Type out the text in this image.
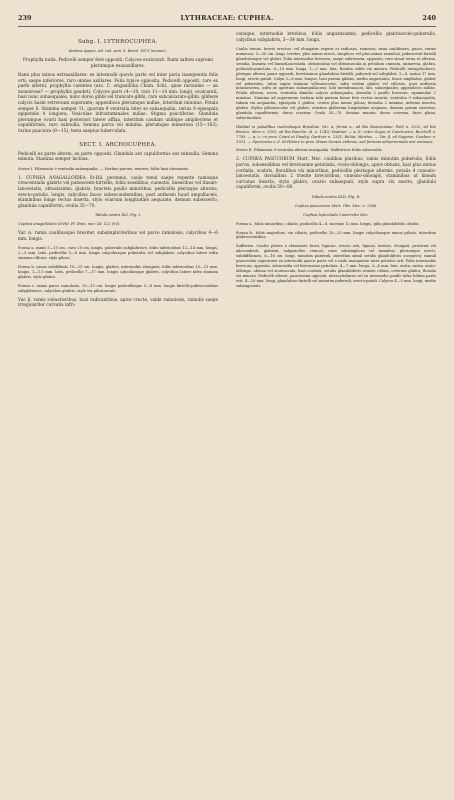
239	LYTHRACEAE: CUPHEA.	240
Subg. I. LYTHROCUPHEA.

Koehne Appen. ult. ind. sem. h. Berol. 1873 (nomen).

Prophylla nulla. Pedicelli semper fere oppositi. Calyces ecalcarati. Rami saltem supremi plerumque exaxaxillares.

Rami plus minus extraaxillares: ex internodii quovis parte vel inter paria inaequentis folis orti; saepe inferiores, raro omnes axillares. Folia typice opposita. Pedicelli oppositi, raro ex parte alterni, prophyllis carentes (exc. C. origanifolia Cham. Schl., quae rarissime — an monstrose? — prophyllis gaudet). Calyces parvi (4—10, raro 11—14 mm. longi), ecalcarati, basi nunc subaequales, nunc dorso gibbi vel truncato-gibbi, raro subcalcarato-gibbi, gibbere calycis basin retrorsum superante; appendices plerumque nullae, interdum minutae. Petala semper 6. Stamina semper 11, quorum 9 ventralia inter se subaequalia, rarius 9 episepala epipetalis 4 longiora. Vesiculae infrastaminales nullae. Stigma pauciflorae. Glandula plerumque ovarii basi posteriori latere affixa, interdum caudam undique ampliectens et capuliformis, raro subnulla. Semina parva vel minima, plerumque numerosa (15—163), rarius pauciora (8—15), testa saepius tuberculata.

SECT. I. ARCHOCUPHEA.

Pedicelli ex parte alterni, ex parte oppositi. Glandula aut capuliformis aut subnulla. Semina minuta. Stamina semper inclusa.

Series I. Filamenta 9 ventralia subaequalia. — Herbae parvae, teneres, foliis basi attenuatis.

1. CUPHEA ANAGALLOIDEA St-Hil. perennis, caule tenui saepe repente ramisque crescentialis glabris vel pubescenti-hirtellis, foliis sessilibus, cuneatis, linearibus vel lineari-lanceolatis, obtusissimis, glabris; bracteis paullo minoribus, pedicellis plerisque alternis, erecto-patulis, longis, calycibus fauce subsecundentibus, post anthesin haud ampullaceis, staminibus longe rectus inserta, stylo ovarium longitudine aequante, demum subexserto, glandula capuliformi, ovulis 35—70.

Tabula nostra XLI. Fig. I.

Cuphea anagalloidea St-Hil. Fl. Bras. mer. III. 122 (93).

Var. α. ramis caulibusque breviter, subsimpliciteribus vel parce ramulosis, calycibus 4—6 mm. longis.

Forma a. ramis 5—15 cm., raro 20 cm. longis, puberulis subglabrisve, foliis inferioribus 12—14 mm. longis, 2—3 mm. latis, pedicellis 5—8 mm. longis calycibusque puberulis vel subglabris, calycibus latere infra stamina villosis, stylo piloso.

Forma b. ramis subdiffusis 10—25 cm. longis, glabris, internodiis elongatis, foliis inferioribus 10—13 mm. longis, 1—1.5 mm. latis, pedicellis 7—17 mm. longis calycibusque glabris, calycibus latere infra stamina glabris, stylo glabro.

Forma c. ramis parce ramulosis, 10—15 cm. longis pedicellisque 5—8 mm. longis hirtello-pubescentibus subglabrisve, calycibus glabris, stylo vix pilosiusculo.

Var. β. ramis robustioribus, basi radicantibus, apice crecte, valde ramulosis, ramulis saepe irregulariter curvatis infri-

catisque, internodiis brevibus, foliis angustissimis, pedicellis glabriusculo-puberulis, calycibus subglabris, 3—34 mm. longa.

Caulis tenuis, brevis erectus, vel elongatus repens et radicans, ramosus; rami caulifomes, pauci, rarius numerosi, 5—30 cm. longi, teretes, plus minus erecti, simplices vel plus minus ramulosi, pubescenti-hirtelli glandulosique vel glabri. Folia internodiis breviora, saepe subremota, opposita, raro simul terna et alterna, sessilia, linearia vel linearilanceolata, obtusissima vel obtusiuscula in petiolum cuneata, uninervia, glabra, pellucido-punctata, 6—19 mm. longa, 1—3 mm. lata; floralia valde vix minora. Pedicelli intrapetiolares, plerique alterni, pauci oppositi, brevitismue glanduloso-hirtelli, puberuli vel subglabri, 3—8, rarius 17 mm. longi, erecto-patuli. Calyx 3—6 mm. longus, basi parum gibbus, medio angustatus, fauce ampliatus, glaber vel puberulus, intus supra stamina villosiusculus, infra sedem glaber vel villosus, post anthesin intumescens, infra ae apertum subampullaceus; lobi membranacei, lati, subaequales; appendices nullae. Petala alterna, rosea, ventralia dimidio calycis subaequalia, dorsalia 2 paullo breviora; squamulae 2 minutae. Stamina ad superiorem tertiam tubi partem binae fere rectus inserta; ventralia 9 subaequalia, tubum vix aequantia, episepala 5 glabra, cetera plus minus pilosa; dorsalia 2 minima, inferius inserta, glabra. Stylus pilosiusculus vel glaber, ovarium glaberum longitudine aequans, demum parum exsertus; glandula capuliformis, dorso crassior. Ovula 35—70. Semina minuta, dorso convexa, facie plana, subrotundata.

Habitat in paludibus ruderalisque Brasiliae. Var. α, forma a.: ad Rio Boanavistae: Pohl n. 2032; ad Rio Branco: idem n. 1301; ad Rio Rancho: id. n. 1240; Vaatiner — α, b.: inter Goyaz et Caechoeira: Burchell n. 7783. — α, c.: in prov. Cuaré et Piauhy: Gardner n. 2331; Bahia: Martius. — Var. β. ad Sogamo: Gardner n. 1333. — Speciosius e cl. St-Hilaire in prov. Minas Geraës vidimus, sed formam adnumeranda nisi varianus.

Series II. Filamenta 9 ventralia alterne inaequalia. Suffrutices foliis subsessilis.

2. CUPHEA PASCUORUM Mart. Msc. caulibus pluribus, ramis minutim puberulis, foliis parvis, subsessilibus vel breviusime petiolatis, ovato-oblongis, apice obtusis, basi plus minus cordatis, scabris, floralibus vix minoribus, pedicellis plerisque alternis, petalis 4 cuneato-lanceolatis, dorsalibus 2 triente brevioribus, cuneato-oblongis, staminibus ut lineam curvatae inserta, stylo glabro, ovario subaequali, stylo supra vix exerto, glandula capuliformi, ovulis 50—80.

Tabula nostra XLII. Fig. II.

Cuphea pascuorum Mart. Obs. Msc. n. 2386.

Cuphea leptoclada Cuxerretto Msc.

Forma a., foliis minoribus, ciliatis, pedicellis 4—8, racemis 12 mm. longis, pilis glandulifolis obsitis.

Forma b., foliis majoribus, vix ciliatis, pedicellis 10—20 mm. longis calycibusque minus pilosis, interdum glabrescentibus.

Suffrutex. Caules plures e rhizomate brevi, lignoso, erecto orti, lignosi, teretes, elongati, prostrati vel adscendenti, glabrati, subgraciles, remosi; rami subsimplices vel ramulosi, plerumque erecti, subdiffformes, 6—16 cm. longi, minutim puberuli, interdum simul setulis glanduliferis conspersi; ramuli praecertim superiores ex internodii quavis parte vel e nodo inaequente inter petiolos orti. Folia internodiis breviora, opposita, subsessilia vel brevissime petiolata, 4—7 mm. longa, 3—4 mm. lata, ovata, rarius ovato-oblonga, obtusa vel acutiuscula, basi cordata, setulis glanduliferis remote ciliata, ceterum glabra; floralia vix minora. Pedicelli alterni, pauciusimi oppositi, intracytidiares vel ex internodio paullo infra folium parte orti, 4—20 mm. longi, glanduloso-hirtelli vel minutim puberuli, erecto-patuli. Calyces 4—5 mm. longi, medio subangustati,
